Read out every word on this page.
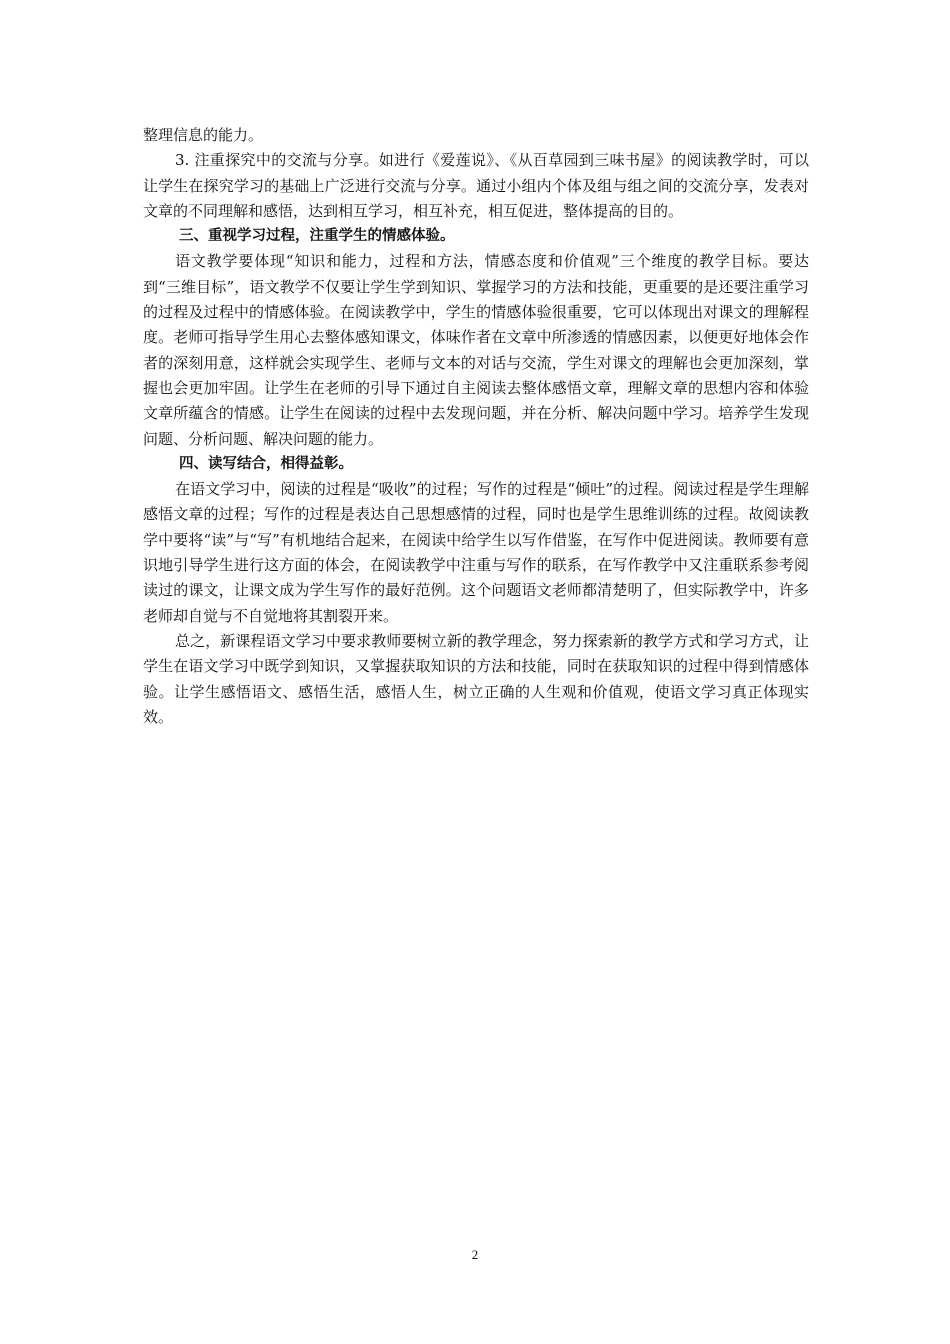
整理信息的能力。

3. 注重探究中的交流与分享。如进行《爱莲说》、《从百草园到三味书屋》的阅读教学时，可以让学生在探究学习的基础上广泛进行交流与分享。通过小组内个体及组与组之间的交流分享，发表对文章的不同理解和感悟，达到相互学习，相互补充，相互促进，整体提高的目的。

三、重视学习过程，注重学生的情感体验。

语文教学要体现“知识和能力，过程和方法，情感态度和价值观”三个维度的教学目标。要达到“三维目标”，语文教学不仅要让学生学到知识、掌握学习的方法和技能，更重要的是还要注重学习的过程及过程中的情感体验。在阅读教学中，学生的情感体验很重要，它可以体现出对课文的理解程度。老师可指导学生用心去整体感知课文，体味作者在文章中所渗透的情感因素，以便更好地体会作者的深刻用意，这样就会实现学生、老师与文本的对话与交流，学生对课文的理解也会更加深刻，掌握也会更加牢固。让学生在老师的引导下通过自主阅读去整体感悟文章，理解文章的思想内容和体验文章所蕴含的情感。让学生在阅读的过程中去发现问题，并在分析、解决问题中学习。培养学生发现问题、分析问题、解决问题的能力。

四、读写结合，相得益彰。

在语文学习中，阅读的过程是“吸收”的过程；写作的过程是“倾吐”的过程。阅读过程是学生理解感悟文章的过程；写作的过程是表达自己思想感情的过程，同时也是学生思维训练的过程。故阅读教学中要将“读”与“写”有机地结合起来，在阅读中给学生以写作借鉴，在写作中促进阅读。教师要有意识地引导学生进行这方面的体会，在阅读教学中注重与写作的联系，在写作教学中又注重联系参考阅读过的课文，让课文成为学生写作的最好范例。这个问题语文老师都清楚明了，但实际教学中，许多老师却自觉与不自觉地将其割裂开来。

总之，新课程语文学习中要求教师要树立新的教学理念，努力探索新的教学方式和学习方式，让学生在语文学习中既学到知识，又掌握获取知识的方法和技能，同时在获取知识的过程中得到情感体验。让学生感悟语文、感悟生活，感悟人生，树立正确的人生观和价值观，使语文学习真正体现实效。

2
